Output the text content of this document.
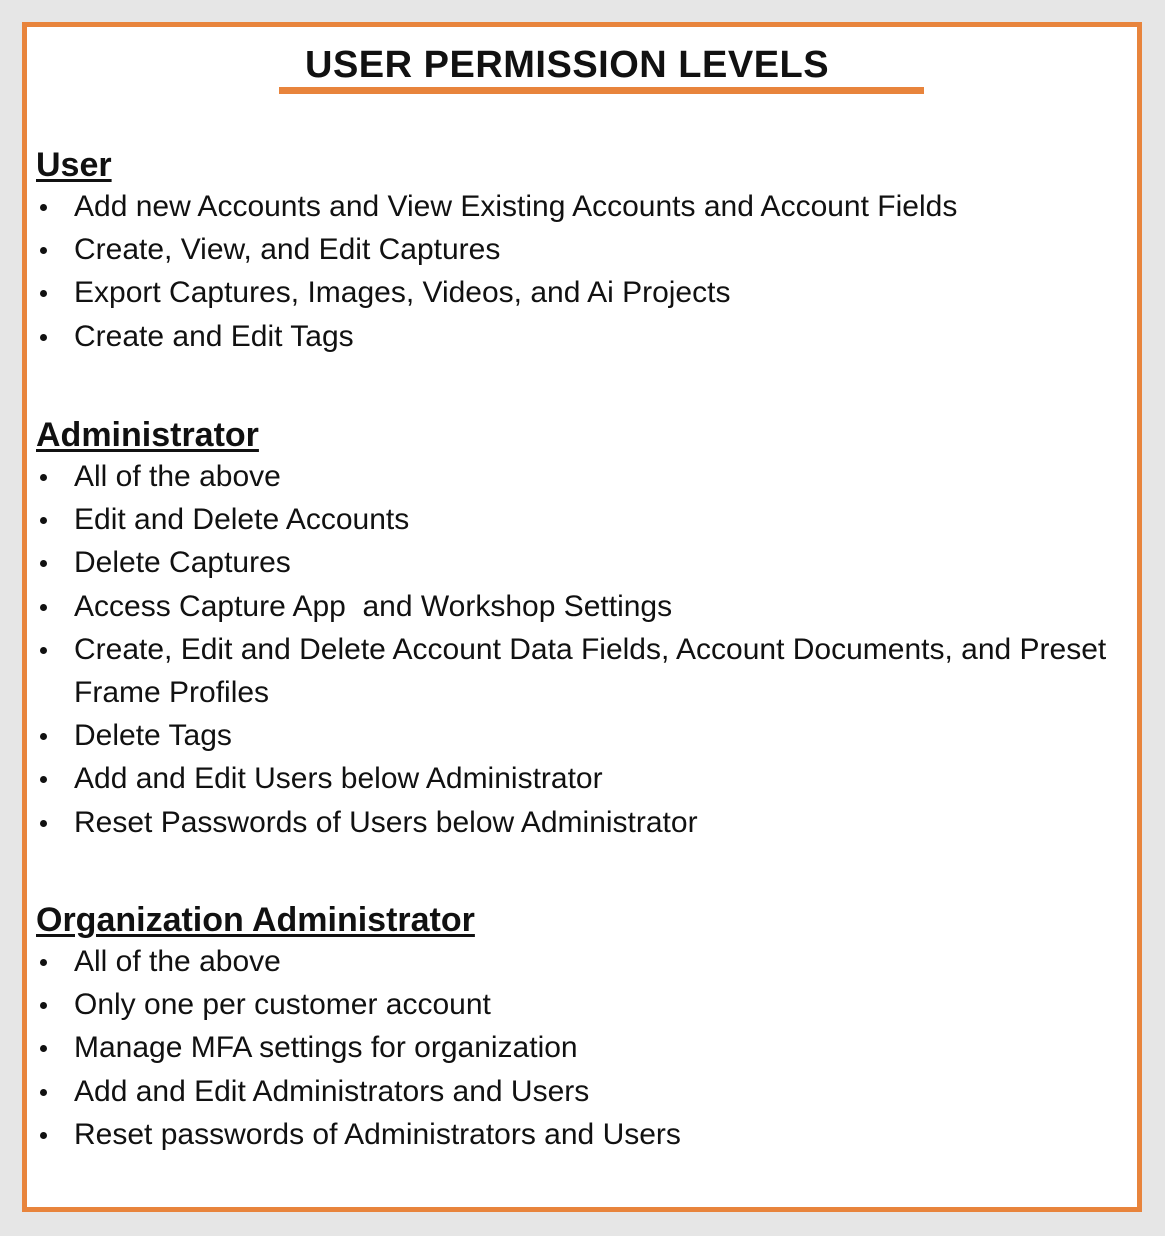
USER PERMISSION LEVELS
User
Add new Accounts and View Existing Accounts and Account Fields
Create, View, and Edit Captures
Export Captures, Images, Videos, and Ai Projects
Create and Edit Tags
Administrator
All of the above
Edit and Delete Accounts
Delete Captures
Access Capture App  and Workshop Settings
Create, Edit and Delete Account Data Fields, Account Documents, and Preset Frame Profiles
Delete Tags
Add and Edit Users below Administrator
Reset Passwords of Users below Administrator
Organization Administrator
All of the above
Only one per customer account
Manage MFA settings for organization
Add and Edit Administrators and Users
Reset passwords of Administrators and Users
